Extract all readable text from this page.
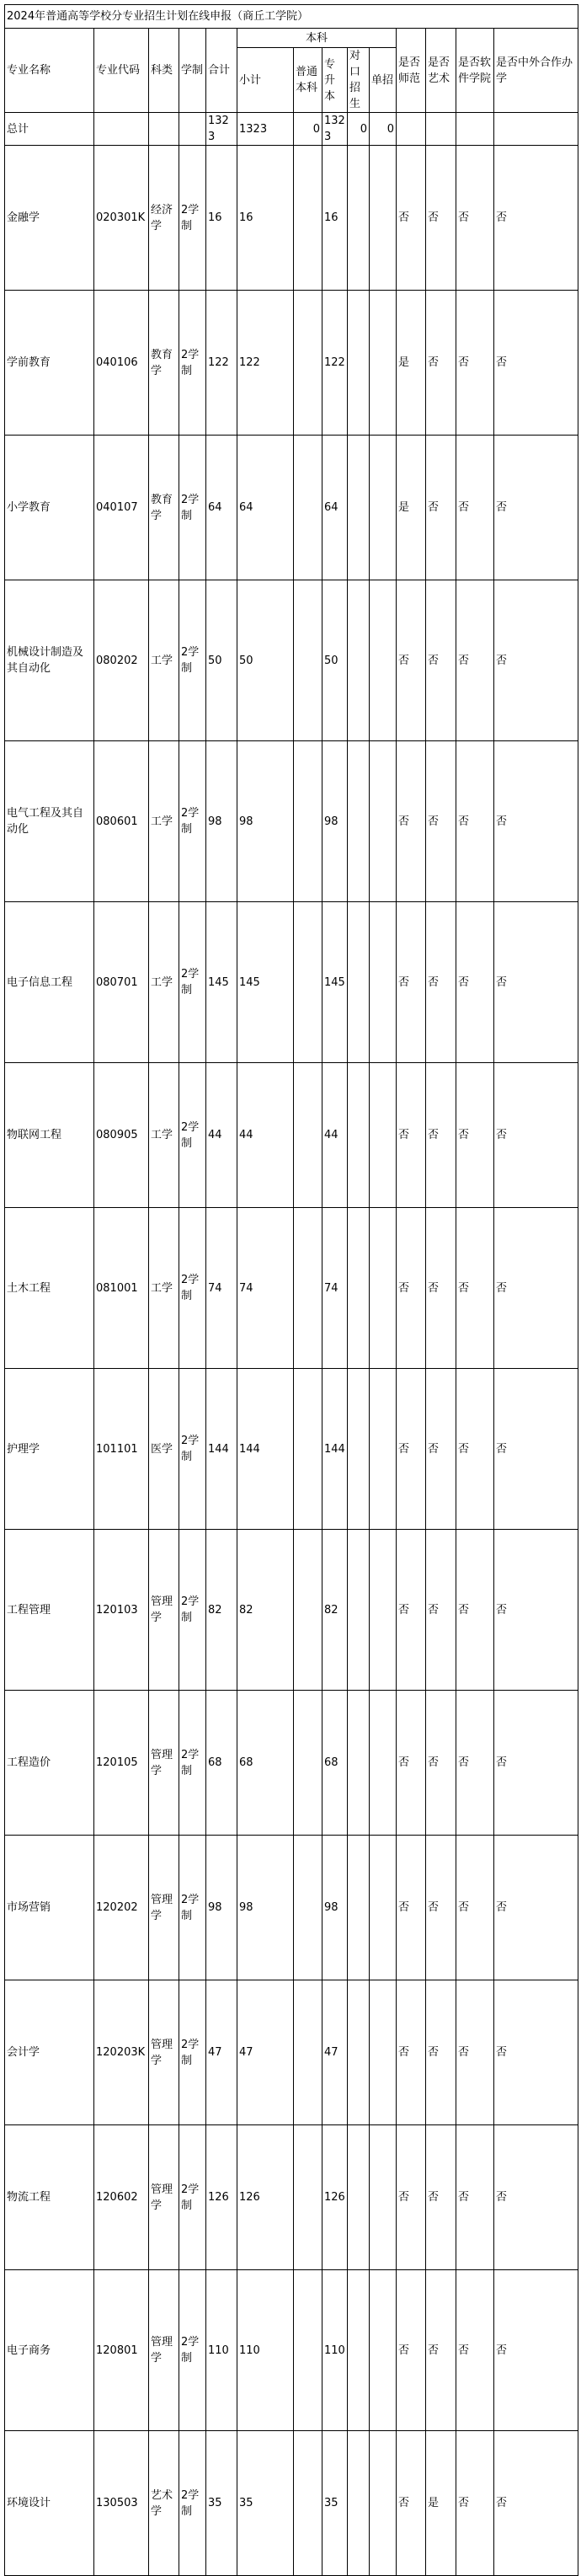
2024年普通高等学校分专业招生计划在线申报（商丘工学院）														
专业名称	专业代码	科类	学制	合计	本科					是否师范	是否艺术	是否软件学院	是否中外合作办学	
					小计	普通本科	专升本	对口招生	单招					
总计				1323	1323	0	1323	0	0					
金融学	020301K	经济学	2学制	16	16		16			否	否	否	否	
学前教育	040106	教育学	2学制	122	122		122			是	否	否	否	
小学教育	040107	教育学	2学制	64	64		64			是	否	否	否	
机械设计制造及其自动化	080202	工学	2学制	50	50		50			否	否	否	否	
电气工程及其自动化	080601	工学	2学制	98	98		98			否	否	否	否	
电子信息工程	080701	工学	2学制	145	145		145			否	否	否	否	
物联网工程	080905	工学	2学制	44	44		44			否	否	否	否	
土木工程	081001	工学	2学制	74	74		74			否	否	否	否	
护理学	101101	医学	2学制	144	144		144			否	否	否	否	
工程管理	120103	管理学	2学制	82	82		82			否	否	否	否	
工程造价	120105	管理学	2学制	68	68		68			否	否	否	否	
市场营销	120202	管理学	2学制	98	98		98			否	否	否	否	
会计学	120203K	管理学	2学制	47	47		47			否	否	否	否	
物流工程	120602	管理学	2学制	126	126		126			否	否	否	否	
电子商务	120801	管理学	2学制	110	110		110			否	否	否	否	
环境设计	130503	艺术学	2学制	35	35		35			否	是	否	否	
